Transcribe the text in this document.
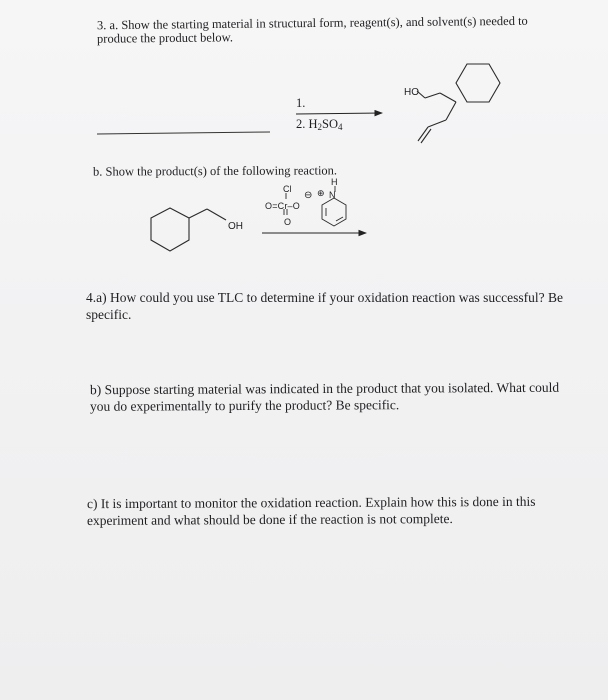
3. a. Show the starting material in structural form, reagent(s), and solvent(s) needed to
produce the product below.
1.
2. $H_2SO_4$
HO
b. Show the product(s) of the following reaction.
OH
Cl
O=Cr–O
O
⊖ ⊕
H
N
4.a) How could you use TLC to determine if your oxidation reaction was successful? Be
specific.
b) Suppose starting material was indicated in the product that you isolated. What could
you do experimentally to purify the product? Be specific.
c) It is important to monitor the oxidation reaction. Explain how this is done in this
experiment and what should be done if the reaction is not complete.
